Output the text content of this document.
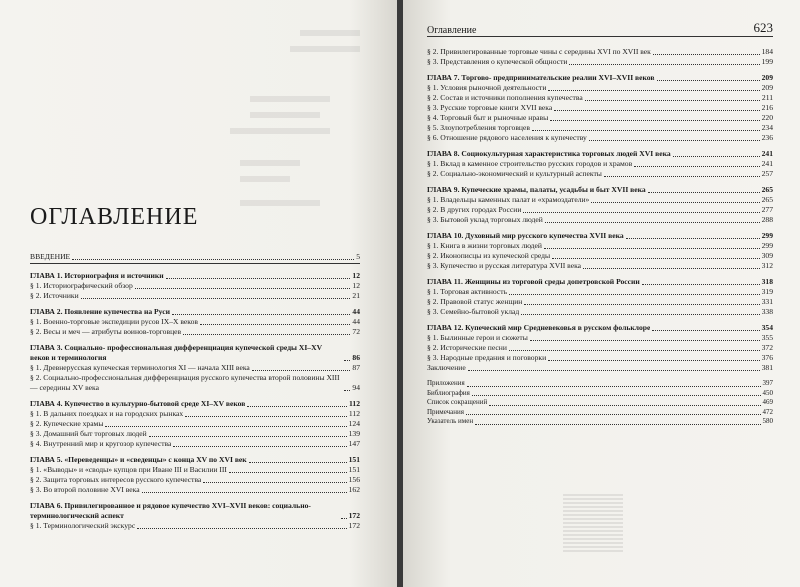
ОГЛАВЛЕНИЕ
ВВЕДЕНИЕ	5
ГЛАВА 1. Историография и источники	12
§ 1. Историографический обзор	12
§ 2. Источники	21
ГЛАВА 2. Появление купечества на Руси	44
§ 1. Военно-торговые экспедиции русов IX–X веков	44
§ 2. Весы и меч — атрибуты воинов-торговцев	72
ГЛАВА 3. Социально- профессиональная дифференциация купеческой среды XI–XV веков и терминология	86
§ 1. Древнерусская купеческая терминология XI — начала XIII века	87
§ 2. Социально-профессиональная дифференциация русского купечества второй половины XIII — середины XV века	94
ГЛАВА 4. Купечество в культурно-бытовой среде XI–XV веков	112
§ 1. В дальних поездках и на городских рынках	112
§ 2. Купеческие храмы	124
§ 3. Домашний быт торговых людей	139
§ 4. Внутренний мир и кругозор купечества	147
ГЛАВА 5. «Переведенцы» и «сведенцы» с конца XV по XVI век	151
§ 1. «Выводы» и «своды» купцов при Иване III и Василии III	151
§ 2. Защита торговых интересов русского купечества	156
§ 3. Во второй половине XVI века	162
ГЛАВА 6. Привилегированное и рядовое купечество XVI–XVII веков: социально-терминологический аспект	172
§ 1. Терминологический экскурс	172
Оглавление	623
§ 2. Привилегированные торговые чины с середины XVI по XVII век	184
§ 3. Представления о купеческой общности	199
ГЛАВА 7. Торгово- предпринимательские реалии XVI–XVII веков	209
§ 1. Условия рыночной деятельности	209
§ 2. Состав и источники пополнения купечества	211
§ 3. Русские торговые книги XVII века	216
§ 4. Торговый быт и рыночные нравы	220
§ 5. Злоупотребления торговцев	234
§ 6. Отношение рядового населения к купечеству	236
ГЛАВА 8. Социокультурная характеристика торговых людей XVI века	241
§ 1. Вклад в каменное строительство русских городов и храмов	241
§ 2. Социально-экономический и культурный аспекты	257
ГЛАВА 9. Купеческие храмы, палаты, усадьбы и быт XVII века	265
§ 1. Владельцы каменных палат и «храмоздатели»	265
§ 2. В других городах России	277
§ 3. Бытовой уклад торговых людей	288
ГЛАВА 10. Духовный мир русского купечества XVII века	299
§ 1. Книга в жизни торговых людей	299
§ 2. Иконописцы из купеческой среды	309
§ 3. Купечество и русская литература XVII века	312
ГЛАВА 11. Женщины из торговой среды допетровской России	318
§ 1. Торговая активность	319
§ 2. Правовой статус женщин	331
§ 3. Семейно-бытовой уклад	338
ГЛАВА 12. Купеческий мир Средневековья в русском фольклоре	354
§ 1. Былинные герои и сюжеты	355
§ 2. Исторические песни	372
§ 3. Народные предания и поговорки	376
Заключение	381
Приложения	397
Библиография	450
Список сокращений	469
Примечания	472
Указатель имен	580
